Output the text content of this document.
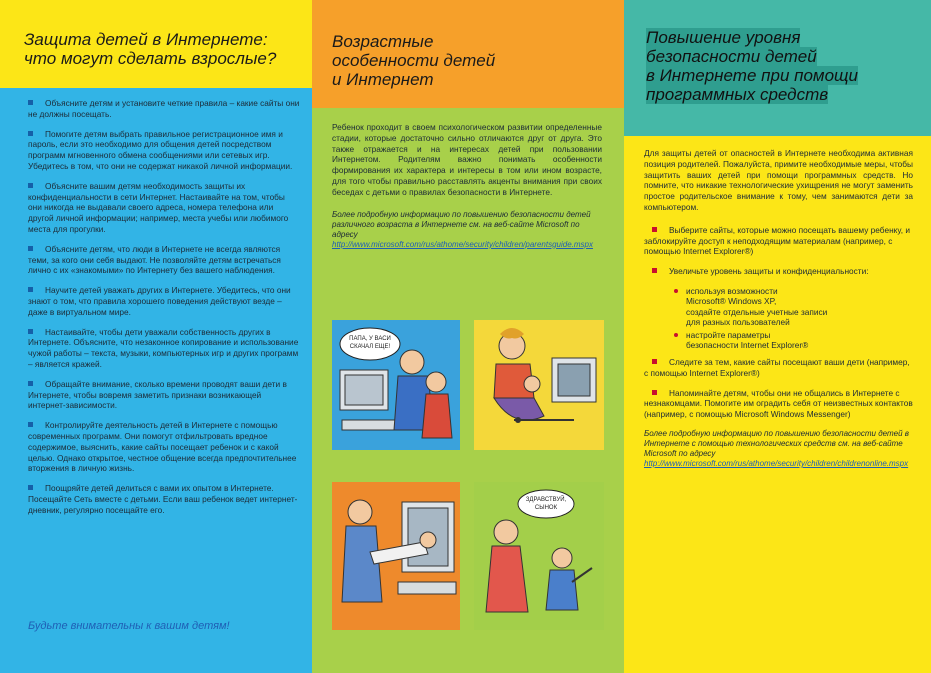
Защита детей в Интернете:
что могут сделать взрослые?
Объясните детям и установите четкие правила – какие сайты они не должны посещать.
Помогите детям выбрать правильное регистрационное имя и пароль, если это необходимо для общения детей посредством программ мгновенного обмена сообщениями или сетевых игр. Убедитесь в том, что они не содержат никакой личной информации.
Объясните вашим детям необходимость защиты их конфиденциальности в сети Интернет. Настаивайте на том, чтобы они никогда не выдавали своего адреса, номера телефона или другой личной информации; например, места учебы или любимого места для прогулки.
Объясните детям, что люди в Интернете не всегда являются теми, за кого они себя выдают. Не позволяйте детям встречаться лично с их «знакомыми» по Интернету без вашего наблюдения.
Научите детей уважать других в Интернете. Убедитесь, что они знают о том, что правила хорошего поведения действуют везде – даже в виртуальном мире.
Настаивайте, чтобы дети уважали собственность других в Интернете. Объясните, что незаконное копирование и использование чужой работы – текста, музыки, компьютерных игр и других программ – является кражей.
Обращайте внимание, сколько времени проводят ваши дети в Интернете, чтобы вовремя заметить признаки возникающей интернет-зависимости.
Контролируйте деятельность детей в Интернете с помощью современных программ. Они помогут отфильтровать вредное содержимое, выяснить, какие сайты посещает ребенок и с какой целью. Однако открытое, честное общение всегда предпочтительнее вторжения в личную жизнь.
Поощряйте детей делиться с вами их опытом в Интернете. Посещайте Сеть вместе с детьми. Если ваш ребенок ведет интернет-дневник, регулярно посещайте его.
Будьте внимательны к вашим детям!
Возрастные
особенности детей
и Интернет
Ребенок проходит в своем психологическом развитии определенные стадии, которые достаточно сильно отличаются друг от друга. Это также отражается и на интересах детей при пользовании Интернетом. Родителям важно понимать особенности формирования их характера и интересы в том или ином возрасте, для того чтобы правильно расставлять акценты внимания при своих беседах с детьми о правилах безопасности в Интернете.
Более подробную информацию по повышению безопасности детей различного возраста в Интернете см. на веб-сайте Microsoft по адресу http://www.microsoft.com/rus/athome/security/children/parentsguide.mspx
ПАПА, У ВАСИ
СКАЧАЛ ЕЩЕ!
ЗДРАВСТВУЙ,
СЫНОК
Повышение уровня
безопасности детей
в Интернете при помощи
программных средств
Для защиты детей от опасностей в Интернете необходима активная позиция родителей. Пожалуйста, примите необходимые меры, чтобы защитить ваших детей при помощи программных средств. Но помните, что никакие технологические ухищрения не могут заменить простое родительское внимание к тому, чем занимаются дети за компьютером.
Выберите сайты, которые можно посещать вашему ребенку, и заблокируйте доступ к неподходящим материалам (например, с помощью Internet Explorer®)
Увеличьте уровень защиты и конфиденциальности:
используя возможности
Microsoft® Windows XP,
создайте отдельные учетные записи
для разных пользователей
настройте параметры
безопасности Internet Explorer®
Следите за тем, какие сайты посещают ваши дети (например, с помощью Internet Explorer®)
Напоминайте детям, чтобы они не общались в Интернете с незнакомцами. Помогите им оградить себя от неизвестных контактов (например, с помощью Microsoft Windows Messenger)
Более подробную информацию по повышению безопасности детей в Интернете с помощью технологических средств см. на веб-сайте Microsoft по адресу http://www.microsoft.com/rus/athome/security/children/childrenonline.mspx
